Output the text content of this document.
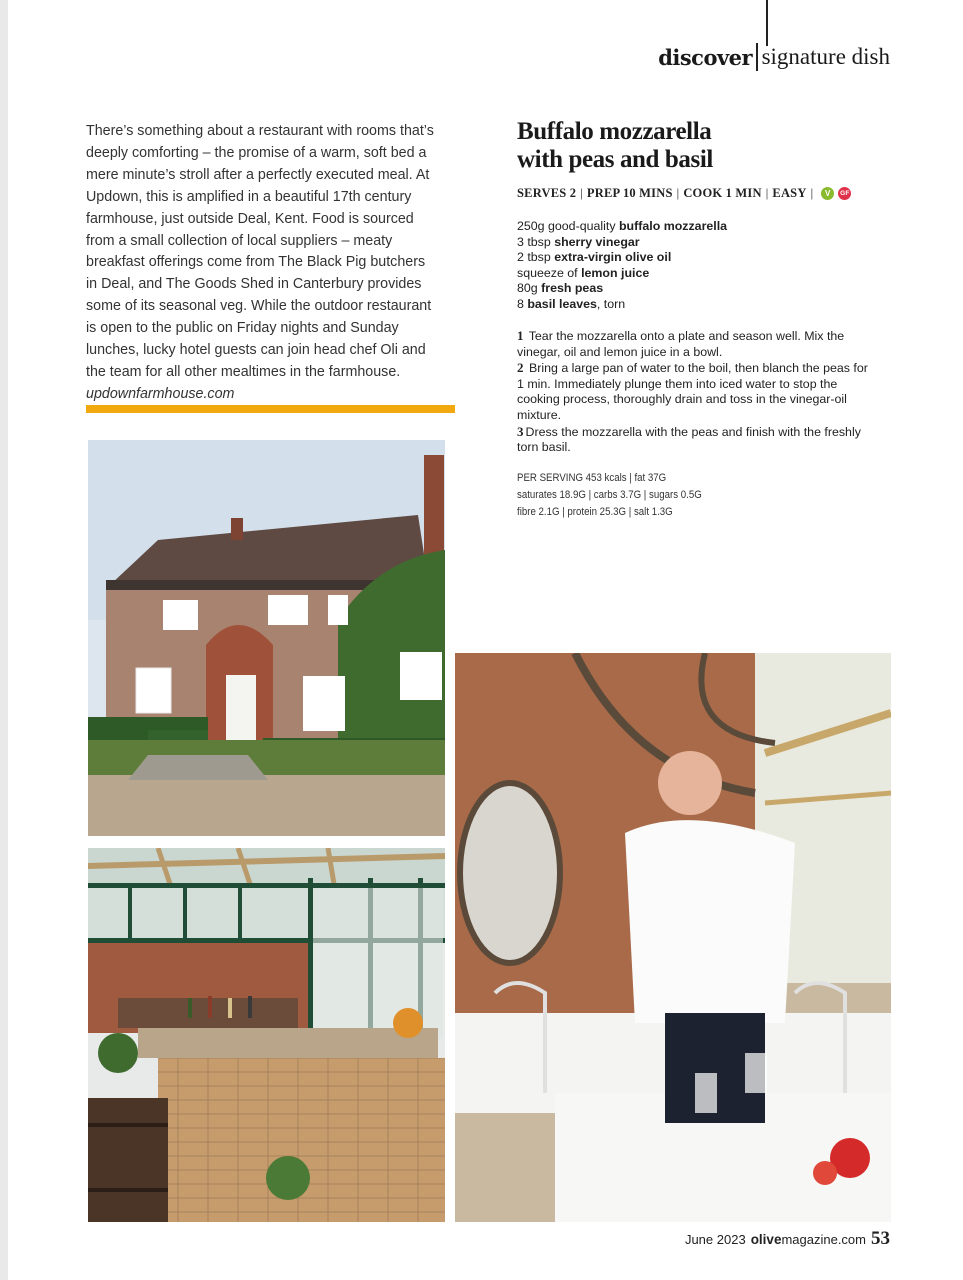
discover signature dish
There’s something about a restaurant with rooms that’s deeply comforting – the promise of a warm, soft bed a mere minute’s stroll after a perfectly executed meal. At Updown, this is amplified in a beautiful 17th century farmhouse, just outside Deal, Kent. Food is sourced from a small collection of local suppliers – meaty breakfast offerings come from The Black Pig butchers in Deal, and The Goods Shed in Canterbury provides some of its seasonal veg. While the outdoor restaurant is open to the public on Friday nights and Sunday lunches, lucky hotel guests can join head chef Oli and the team for all other mealtimes in the farmhouse.
updownfarmhouse.com
Buffalo mozzarella
with peas and basil
SERVES 2 | PREP 10 MINS | COOK 1 MIN | EASY |	V	GF
250g good-quality buffalo mozzarella
3 tbsp sherry vinegar
2 tbsp extra-virgin olive oil
squeeze of lemon juice
80g fresh peas
8 basil leaves, torn
1 Tear the mozzarella onto a plate and season well. Mix the vinegar, oil and lemon juice in a bowl.
2 Bring a large pan of water to the boil, then blanch the peas for 1 min. Immediately plunge them into iced water to stop the cooking process, thoroughly drain and toss in the vinegar-oil mixture.
3 Dress the mozzarella with the peas and finish with the freshly torn basil.
PER SERVING 453 kcals | fat 37G
saturates 18.9G | carbs 3.7G | sugars 0.5G
fibre 2.1G | protein 25.3G | salt 1.3G
June 2023 olive magazine.com 53
